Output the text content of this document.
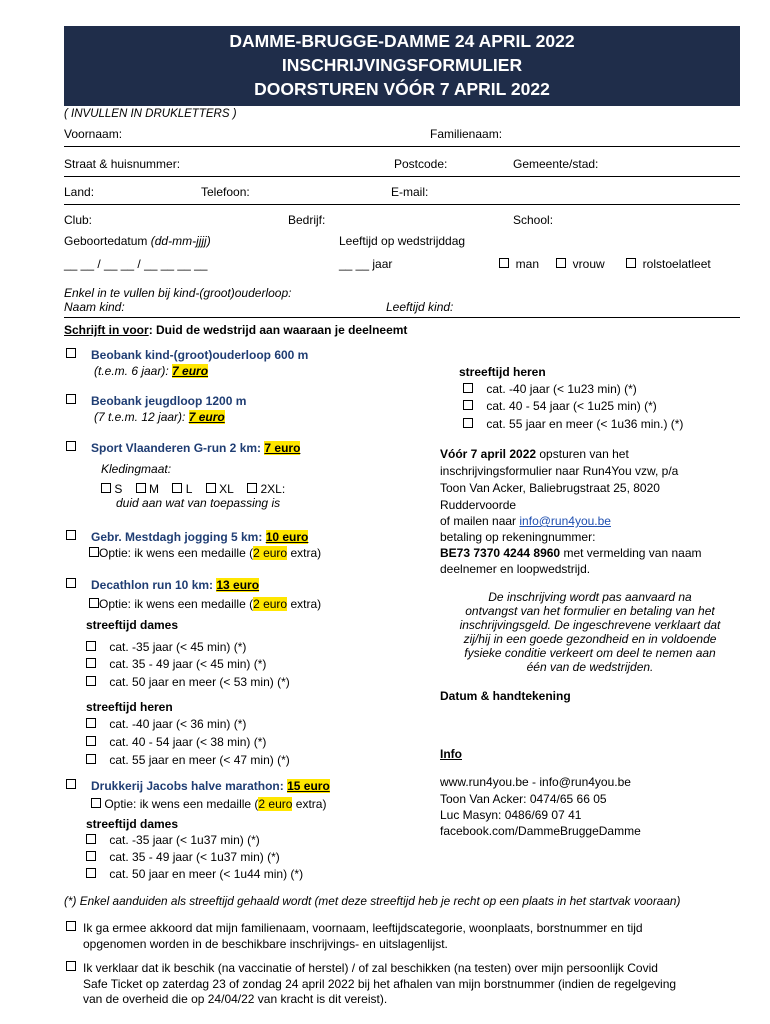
DAMME-BRUGGE-DAMME 24 APRIL 2022
INSCHRIJVINGSFORMULIER
DOORSTUREN VÓÓR 7 APRIL 2022
( INVULLEN IN DRUKLETTERS )
Voornaam:	Familienaam:
Straat & huisnummer:	Postcode:	Gemeente/stad:
Land:	Telefoon:	E-mail:
Club:	Bedrijf:	School:
Geboortedatum (dd-mm-jjjj)	Leeftijd op wedstrijddag
__ __ / __ __ / __ __ __ __	__ __ jaar	man	vrouw	rolstoelatleet
Enkel in te vullen bij kind-(groot)ouderloop:
Naam kind:	Leeftijd kind:
Schrijft in voor: Duid de wedstrijd aan waaraan je deelneemt
Beobank kind-(groot)ouderloop 600 m
(t.e.m. 6 jaar): 7 euro
Beobank jeugdloop 1200 m
(7 t.e.m. 12 jaar): 7 euro
Sport Vlaanderen G-run 2 km: 7 euro
Kledingmaat:
S M L XL 2XL:
duid aan wat van toepassing is
Gebr. Mestdagh jogging 5 km: 10 euro
Optie: ik wens een medaille (2 euro extra)
Decathlon run 10 km: 13 euro
Optie: ik wens een medaille (2 euro extra)
streeftijd dames
cat. -35 jaar (< 45 min) (*)
cat. 35 - 49 jaar (< 45 min) (*)
cat. 50 jaar en meer (< 53 min) (*)
streeftijd heren
cat. -40 jaar (< 36 min) (*)
cat. 40 - 54 jaar (< 38 min) (*)
cat. 55 jaar en meer (< 47 min) (*)
Drukkerij Jacobs halve marathon: 15 euro
Optie: ik wens een medaille (2 euro extra)
streeftijd dames
cat. -35 jaar (< 1u37 min) (*)
cat. 35 - 49 jaar (< 1u37 min) (*)
cat. 50 jaar en meer (< 1u44 min) (*)
streeftijd heren
cat. -40 jaar (< 1u23 min) (*)
cat. 40 - 54 jaar (< 1u25 min) (*)
cat. 55 jaar en meer (< 1u36 min.) (*)
Vóór 7 april 2022 opsturen van het
inschrijvingsformulier naar Run4You vzw, p/a
Toon Van Acker, Baliebrugstraat 25, 8020
Ruddervoorde
of mailen naar info@run4you.be
betaling op rekeningnummer:
BE73 7370 4244 8960 met vermelding van naam
deelnemer en loopwedstrijd.
De inschrijving wordt pas aanvaard na
ontvangst van het formulier en betaling van het
inschrijvingsgeld. De ingeschrevene verklaart dat
zij/hij in een goede gezondheid en in voldoende
fysieke conditie verkeert om deel te nemen aan
één van de wedstrijden.
Datum & handtekening
Info
www.run4you.be - info@run4you.be
Toon Van Acker: 0474/65 66 05
Luc Masyn: 0486/69 07 41
facebook.com/DammeBruggeDamme
(*) Enkel aanduiden als streeftijd gehaald wordt (met deze streeftijd heb je recht op een plaats in het startvak vooraan)
Ik ga ermee akkoord dat mijn familienaam, voornaam, leeftijdscategorie, woonplaats, borstnummer en tijd
opgenomen worden in de beschikbare inschrijvings- en uitslagenlijst.
Ik verklaar dat ik beschik (na vaccinatie of herstel) / of zal beschikken (na testen) over mijn persoonlijk Covid
Safe Ticket op zaterdag 23 of zondag 24 april 2022 bij het afhalen van mijn borstnummer (indien de regelgeving
van de overheid die op 24/04/22 van kracht is dit vereist).
